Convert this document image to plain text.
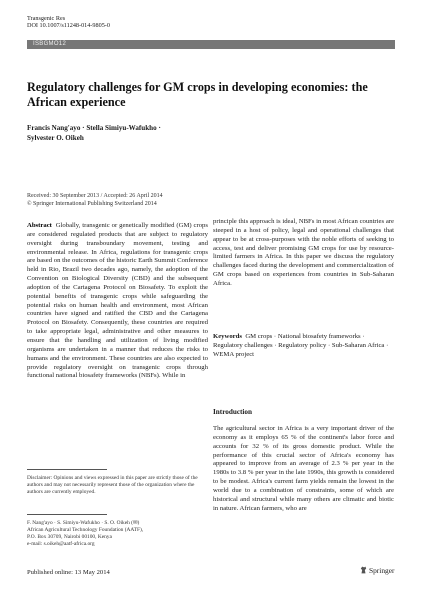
Transgenic Res
DOI 10.1007/s11248-014-9805-0
ISBGMO12
Regulatory challenges for GM crops in developing economies: the African experience
Francis Nang'ayo · Stella Simiyu-Wafukho ·
Sylvester O. Oikeh
Received: 30 September 2013 / Accepted: 26 April 2014
© Springer International Publishing Switzerland 2014
Abstract Globally, transgenic or genetically modified (GM) crops are considered regulated products that are subject to regulatory oversight during transboundary movement, testing and environmental release. In Africa, regulations for transgenic crops are based on the outcomes of the historic Earth Summit Conference held in Rio, Brazil two decades ago, namely, the adoption of the Convention on Biological Diversity (CBD) and the subsequent adoption of the Cartagena Protocol on Biosafety. To exploit the potential benefits of transgenic crops while safeguarding the potential risks on human health and environment, most African countries have signed and ratified the CBD and the Cartagena Protocol on Biosafety. Consequently, these countries are required to take appropriate legal, administrative and other measures to ensure that the handling and utilization of living modified organisms are undertaken in a manner that reduces the risks to humans and the environment. These countries are also expected to provide regulatory oversight on transgenic crops through functional national biosafety frameworks (NBFs). While in
principle this approach is ideal, NBFs in most African countries are steeped in a host of policy, legal and operational challenges that appear to be at cross-purposes with the noble efforts of seeking to access, test and deliver promising GM crops for use by resource-limited farmers in Africa. In this paper we discuss the regulatory challenges faced during the development and commercialization of GM crops based on experiences from countries in Sub-Saharan Africa.
Keywords GM crops · National biosafety frameworks · Regulatory challenges · Regulatory policy · Sub-Saharan Africa · WEMA project
Introduction
The agricultural sector in Africa is a very important driver of the economy as it employs 65 % of the continent's labor force and accounts for 32 % of its gross domestic product. While the performance of this crucial sector of Africa's economy has appeared to improve from an average of 2.3 % per year in the 1980s to 3.8 % per year in the late 1990s, this growth is considered to be modest. Africa's current farm yields remain the lowest in the world due to a combination of constraints, some of which are historical and structural while many others are climatic and biotic in nature. African farmers, who are
Disclaimer: Opinions and views expressed in this paper are strictly those of the authors and may not necessarily represent those of the organization where the authors are currently employed.
F. Nang'ayo · S. Simiyu-Wafukho · S. O. Oikeh (✉)
African Agricultural Technology Foundation (AATF),
P.O. Box 30709, Nairobi 00100, Kenya
e-mail: s.oikeh@aatf-africa.org
Published online: 13 May 2014	Springer
